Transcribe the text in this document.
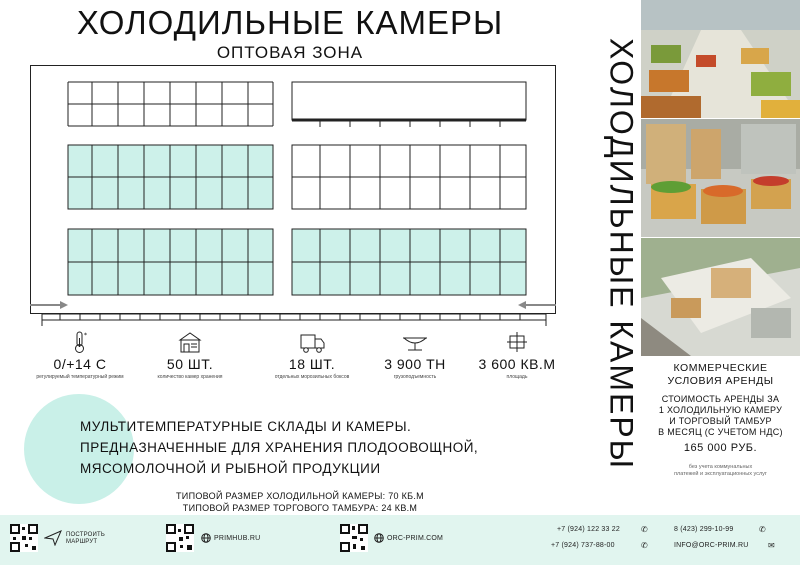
ХОЛОДИЛЬНЫЕ КАМЕРЫ
ОПТОВАЯ ЗОНА
*
0/+14 С
регулируемый температурный режим
50 ШТ.
количество камер хранения
18 ШТ.
отдельных морозильных боксов
3 900 ТН
грузоподъемность
3 600 КВ.М
площадь
МУЛЬТИТЕМПЕРАТУРНЫЕ СКЛАДЫ И КАМЕРЫ.
ПРЕДНАЗНАЧЕННЫЕ ДЛЯ ХРАНЕНИЯ ПЛОДООВОЩНОЙ,
МЯСОМОЛОЧНОЙ И РЫБНОЙ ПРОДУКЦИИ
ТИПОВОЙ РАЗМЕР ХОЛОДИЛЬНОЙ КАМЕРЫ: 70 КБ.М
ТИПОВОЙ РАЗМЕР ТОРГОВОГО ТАМБУРА: 24 КВ.М
ХОЛОДИЛЬНЫЕ КАМЕРЫ	КОММЕРЧЕСКИЕ
УСЛОВИЯ АРЕНДЫ
СТОИМОСТЬ АРЕНДЫ ЗА
1 ХОЛОДИЛЬНУЮ КАМЕРУ
И ТОРГОВЫЙ ТАМБУР
В МЕСЯЦ (С УЧЕТОМ НДС)
165 000 РУБ.
без учета коммунальных
платежей и эксплуатационных услуг
ПОСТРОИТЬ
МАРШРУТ	PRIMHUB.RU	ORC-PRIM.COM
+7 (924) 122 33 22	✆
+7 (924) 737-88-00	✆
8 (423) 299-10-99	✆
INFO@ORC-PRIM.RU ✉
